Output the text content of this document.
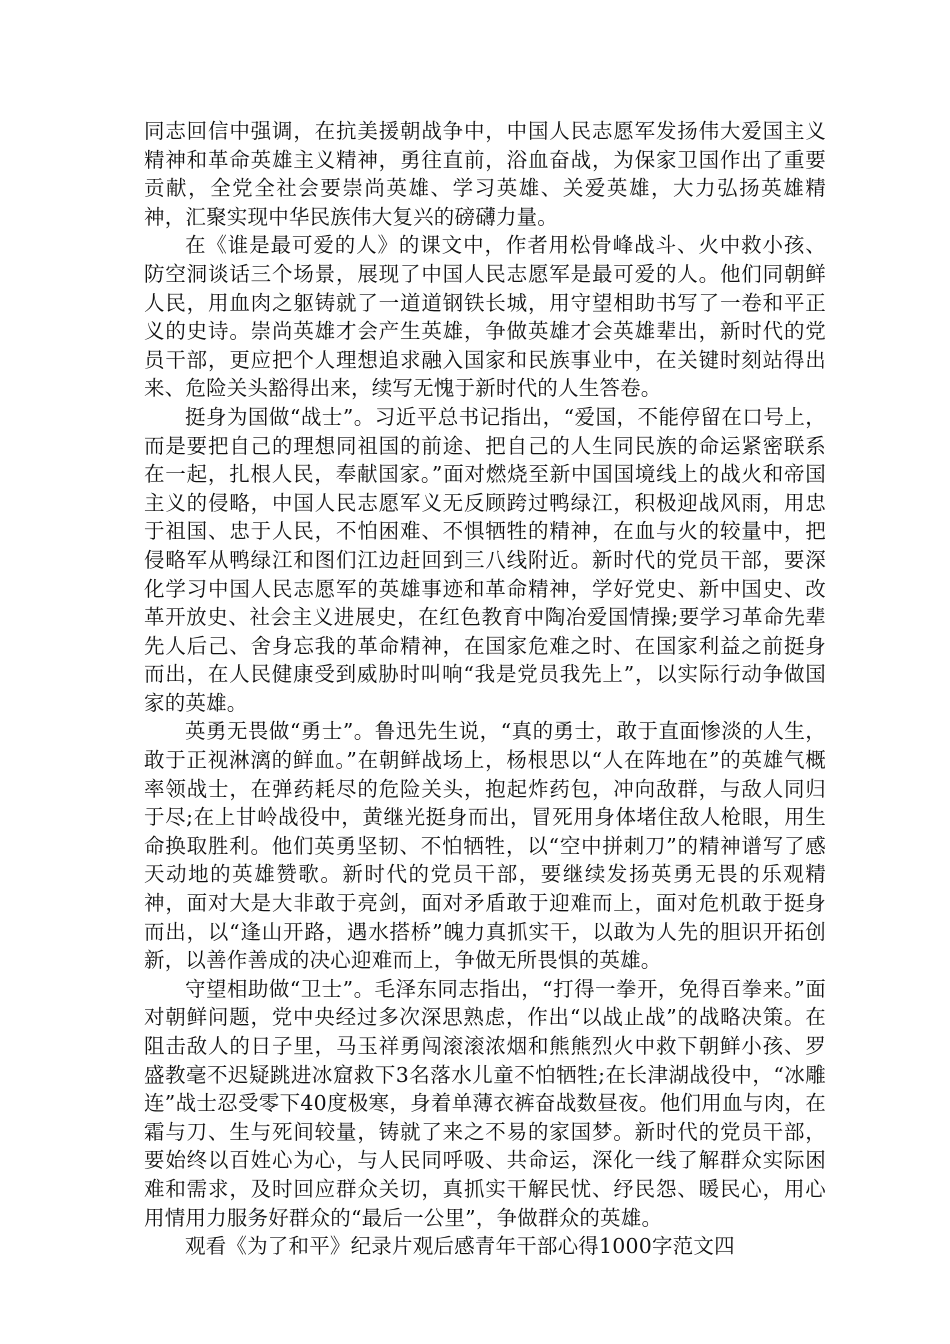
同志回信中强调，在抗美援朝战争中，中国人民志愿军发扬伟大爱国主义精神和革命英雄主义精神，勇往直前，浴血奋战，为保家卫国作出了重要贡献，全党全社会要崇尚英雄、学习英雄、关爱英雄，大力弘扬英雄精神，汇聚实现中华民族伟大复兴的磅礴力量。

在《谁是最可爱的人》的课文中，作者用松骨峰战斗、火中救小孩、防空洞谈话三个场景，展现了中国人民志愿军是最可爱的人。他们同朝鲜人民，用血肉之躯铸就了一道道钢铁长城，用守望相助书写了一卷和平正义的史诗。崇尚英雄才会产生英雄，争做英雄才会英雄辈出，新时代的党员干部，更应把个人理想追求融入国家和民族事业中，在关键时刻站得出来、危险关头豁得出来，续写无愧于新时代的人生答卷。

挺身为国做“战士”。习近平总书记指出，“爱国，不能停留在口号上，而是要把自己的理想同祖国的前途、把自己的人生同民族的命运紧密联系在一起，扎根人民，奉献国家。”面对燃烧至新中国国境线上的战火和帝国主义的侵略，中国人民志愿军义无反顾跨过鸭绿江，积极迎战风雨，用忠于祖国、忠于人民，不怕困难、不惧牺牲的精神，在血与火的较量中，把侵略军从鸭绿江和图们江边赶回到三八线附近。新时代的党员干部，要深化学习中国人民志愿军的英雄事迹和革命精神，学好党史、新中国史、改革开放史、社会主义进展史，在红色教育中陶冶爱国情操;要学习革命先辈先人后己、舍身忘我的革命精神，在国家危难之时、在国家利益之前挺身而出，在人民健康受到威胁时叫响“我是党员我先上”，以实际行动争做国家的英雄。

英勇无畏做“勇士”。鲁迅先生说，“真的勇士，敢于直面惨淡的人生，敢于正视淋漓的鲜血。”在朝鲜战场上，杨根思以“人在阵地在”的英雄气概率领战士，在弹药耗尽的危险关头，抱起炸药包，冲向敌群，与敌人同归于尽;在上甘岭战役中，黄继光挺身而出，冒死用身体堵住敌人枪眼，用生命换取胜利。他们英勇坚韧、不怕牺牲，以“空中拼刺刀”的精神谱写了感天动地的英雄赞歌。新时代的党员干部，要继续发扬英勇无畏的乐观精神，面对大是大非敢于亮剑，面对矛盾敢于迎难而上，面对危机敢于挺身而出，以“逢山开路，遇水搭桥”魄力真抓实干，以敢为人先的胆识开拓创新，以善作善成的决心迎难而上，争做无所畏惧的英雄。

守望相助做“卫士”。毛泽东同志指出，“打得一拳开，免得百拳来。”面对朝鲜问题，党中央经过多次深思熟虑，作出“以战止战”的战略决策。在阻击敌人的日子里，马玉祥勇闯滚滚浓烟和熊熊烈火中救下朝鲜小孩、罗盛教毫不迟疑跳进冰窟救下3名落水儿童不怕牺牲;在长津湖战役中，“冰雕连”战士忍受零下40度极寒，身着单薄衣裤奋战数昼夜。他们用血与肉，在霜与刀、生与死间较量，铸就了来之不易的家国梦。新时代的党员干部，要始终以百姓心为心，与人民同呼吸、共命运，深化一线了解群众实际困难和需求，及时回应群众关切，真抓实干解民忧、纾民怨、暖民心，用心用情用力服务好群众的“最后一公里”，争做群众的英雄。

观看《为了和平》纪录片观后感青年干部心得1000字范文四
